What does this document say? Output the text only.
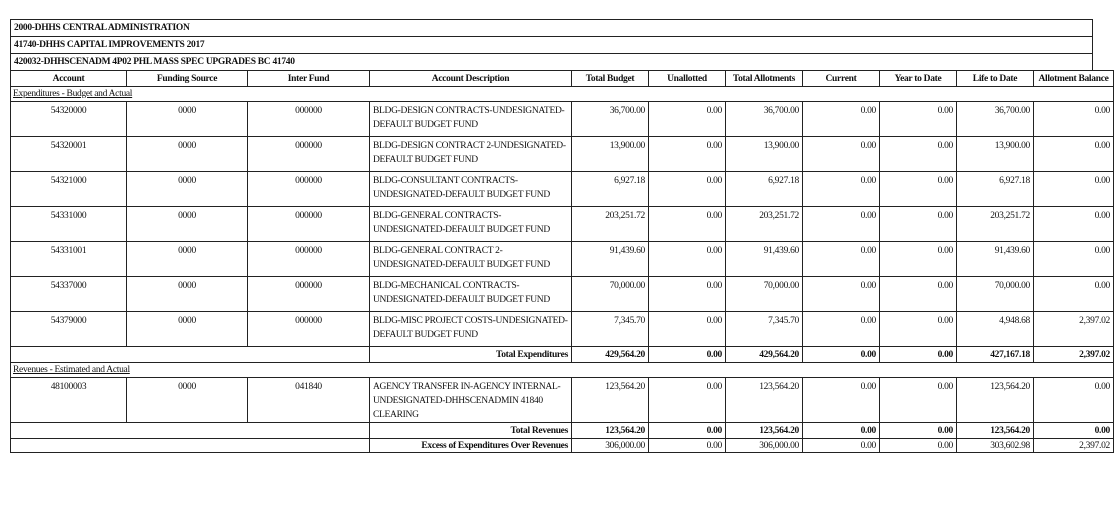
2000-DHHS CENTRAL ADMINISTRATION
41740-DHHS CAPITAL IMPROVEMENTS 2017
420032-DHHSCENADM 4P02 PHL MASS SPEC UPGRADES BC 41740
Account	Funding Source	Inter Fund	Account Description	Total Budget	Unallotted	Total Allotments	Current	Year to Date	Life to Date	Allotment Balance
Expenditures - Budget and Actual										
54320000	0000	000000	BLDG-DESIGN CONTRACTS-UNDESIGNATED-DEFAULT BUDGET FUND	36,700.00	0.00	36,700.00	0.00	0.00	36,700.00	0.00
54320001	0000	000000	BLDG-DESIGN CONTRACT 2-UNDESIGNATED-DEFAULT BUDGET FUND	13,900.00	0.00	13,900.00	0.00	0.00	13,900.00	0.00
54321000	0000	000000	BLDG-CONSULTANT CONTRACTS-UNDESIGNATED-DEFAULT BUDGET FUND	6,927.18	0.00	6,927.18	0.00	0.00	6,927.18	0.00
54331000	0000	000000	BLDG-GENERAL CONTRACTS-UNDESIGNATED-DEFAULT BUDGET FUND	203,251.72	0.00	203,251.72	0.00	0.00	203,251.72	0.00
54331001	0000	000000	BLDG-GENERAL CONTRACT 2-UNDESIGNATED-DEFAULT BUDGET FUND	91,439.60	0.00	91,439.60	0.00	0.00	91,439.60	0.00
54337000	0000	000000	BLDG-MECHANICAL CONTRACTS-UNDESIGNATED-DEFAULT BUDGET FUND	70,000.00	0.00	70,000.00	0.00	0.00	70,000.00	0.00
54379000	0000	000000	BLDG-MISC PROJECT COSTS-UNDESIGNATED-DEFAULT BUDGET FUND	7,345.70	0.00	7,345.70	0.00	0.00	4,948.68	2,397.02
			Total Expenditures	429,564.20	0.00	429,564.20	0.00	0.00	427,167.18	2,397.02
Revenues - Estimated and Actual										
48100003	0000	041840	AGENCY TRANSFER IN-AGENCY INTERNAL-UNDESIGNATED-DHHSCENADMIN 41840 CLEARING	123,564.20	0.00	123,564.20	0.00	0.00	123,564.20	0.00
			Total Revenues	123,564.20	0.00	123,564.20	0.00	0.00	123,564.20	0.00
			Excess of Expenditures Over Revenues	306,000.00	0.00	306,000.00	0.00	0.00	303,602.98	2,397.02
